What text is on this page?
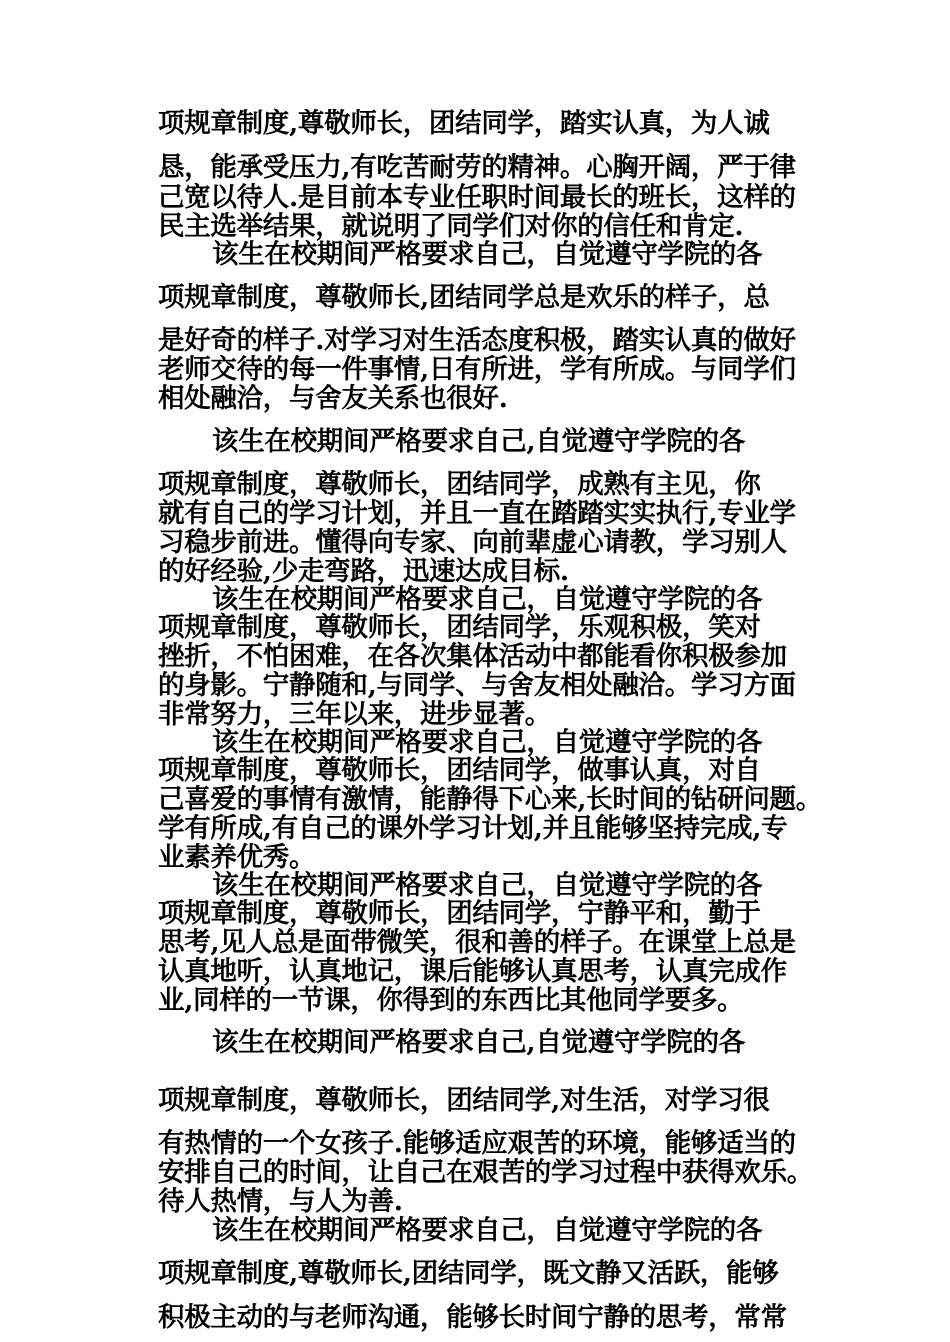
项规章制度,尊敬师长，团结同学，踏实认真，为人诚
恳，能承受压力,有吃苦耐劳的精神。心胸开阔，严于律
己宽以待人.是目前本专业任职时间最长的班长，这样的
民主选举结果，就说明了同学们对你的信任和肯定.
该生在校期间严格要求自己，自觉遵守学院的各
项规章制度，尊敬师长,团结同学总是欢乐的样子，总
是好奇的样子.对学习对生活态度积极，踏实认真的做好
老师交待的每一件事情,日有所进，学有所成。与同学们
相处融洽，与舍友关系也很好.
该生在校期间严格要求自己,自觉遵守学院的各
项规章制度，尊敬师长，团结同学，成熟有主见，你
就有自己的学习计划，并且一直在踏踏实实执行,专业学
习稳步前进。懂得向专家、向前辈虚心请教，学习别人
的好经验,少走弯路，迅速达成目标.
该生在校期间严格要求自己，自觉遵守学院的各
项规章制度，尊敬师长，团结同学，乐观积极，笑对
挫折，不怕困难，在各次集体活动中都能看你积极参加
的身影。宁静随和,与同学、与舍友相处融洽。学习方面
非常努力，三年以来，进步显著。
该生在校期间严格要求自己，自觉遵守学院的各
项规章制度，尊敬师长，团结同学，做事认真，对自
己喜爱的事情有激情，能静得下心来,长时间的钻研问题。
学有所成,有自己的课外学习计划,并且能够坚持完成,专
业素养优秀。
该生在校期间严格要求自己，自觉遵守学院的各
项规章制度，尊敬师长，团结同学，宁静平和，勤于
思考,见人总是面带微笑，很和善的样子。在课堂上总是
认真地听，认真地记，课后能够认真思考，认真完成作
业,同样的一节课，你得到的东西比其他同学要多。
该生在校期间严格要求自己,自觉遵守学院的各
项规章制度，尊敬师长，团结同学,对生活，对学习很
有热情的一个女孩子.能够适应艰苦的环境，能够适当的
安排自己的时间，让自己在艰苦的学习过程中获得欢乐。
待人热情，与人为善.
该生在校期间严格要求自己，自觉遵守学院的各
项规章制度,尊敬师长,团结同学，既文静又活跃，能够
积极主动的与老师沟通，能够长时间宁静的思考，常常
